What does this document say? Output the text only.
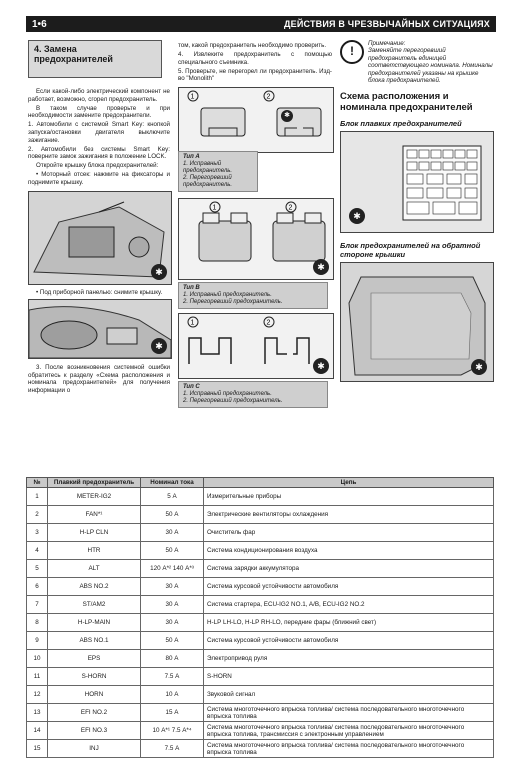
1•6	ДЕЙСТВИЯ В ЧРЕЗВЫЧАЙНЫХ СИТУАЦИЯХ
4. Замена
предохранителей

Если какой-либо электрический компонент не работает, возможно, сгорел предохранитель.

В таком случае проверьте и при необходимости замените предохранители.

1. Автомобили с системой Smart Key: кнопкой запуска/остановки двигателя выключите зажигание.

2. Автомобили без системы Smart Key: поверните замок зажигания в положение LOCK.

Откройте крышку блока предохранителей:

• Моторный отсек: нажмите на фиксаторы и поднимите крышку.

✱

• Под приборной панелью: снимите крышку.

✱

3. После возникновения системной ошибки обратитесь к разделу «Схема расположения и номинала предохранителей» для получения информации о

том, какой предохранитель необходимо проверить.

4. Извлеките предохранитель с помощью специального съемника.

5. Проверьте, не перегорел ли предохранитель. Изд-во "Monolith"

1	2
✱
Тип А
1. Исправный предохранитель.
2. Перегоревший предохранитель.
1	2
✱
Тип В
1. Исправный предохранитель.
2. Перегоревший предохранитель.
1	2
✱
Тип С
1. Исправный предохранитель.
2. Перегоревший предохранитель.
!
Примечание:
Заменяйте перегоревший предохранитель единицей соответствующего номинала. Номиналы предохранителей указаны на крышке блока предохранителей.
Схема расположения и номинала предохранителей
Блок плавких предохранителей
✱
Блок предохранителей на обратной стороне крышки
✱
№	Плавкий предохранитель	Номинал тока	Цепь
1	METER-IG2	5 А	Измерительные приборы
2	FAN*¹	50 А	Электрические вентиляторы охлаждения
3	H-LP CLN	30 А	Очиститель фар
4	HTR	50 А	Система кондиционирования воздуха
5	ALT	120 А*² 140 А*³	Система зарядки аккумулятора
6	ABS NO.2	30 А	Система курсовой устойчивости автомобиля
7	ST/AM2	30 А	Система стартера, ECU-IG2 NO.1, A/B, ECU-IG2 NO.2
8	H-LP-MAIN	30 А	H-LP LH-LO, H-LP RH-LO, передние фары (ближний свет)
9	ABS NO.1	50 А	Система курсовой устойчивости автомобиля
10	EPS	80 А	Электропривод руля
11	S-HORN	7.5 А	S-HORN
12	HORN	10 А	Звуковой сигнал
13	EFI NO.2	15 А	Система многоточечного впрыска топлива/ система последовательного многоточечного впрыска топлива
14	EFI NO.3	10 А*¹ 7.5 А*⁴	Система многоточечного впрыска топлива/ система последовательного многоточечного впрыска топлива, трансмиссия с электронным управлением
15	INJ	7.5 А	Система многоточечного впрыска топлива/ система последовательного многоточечного впрыска топлива
